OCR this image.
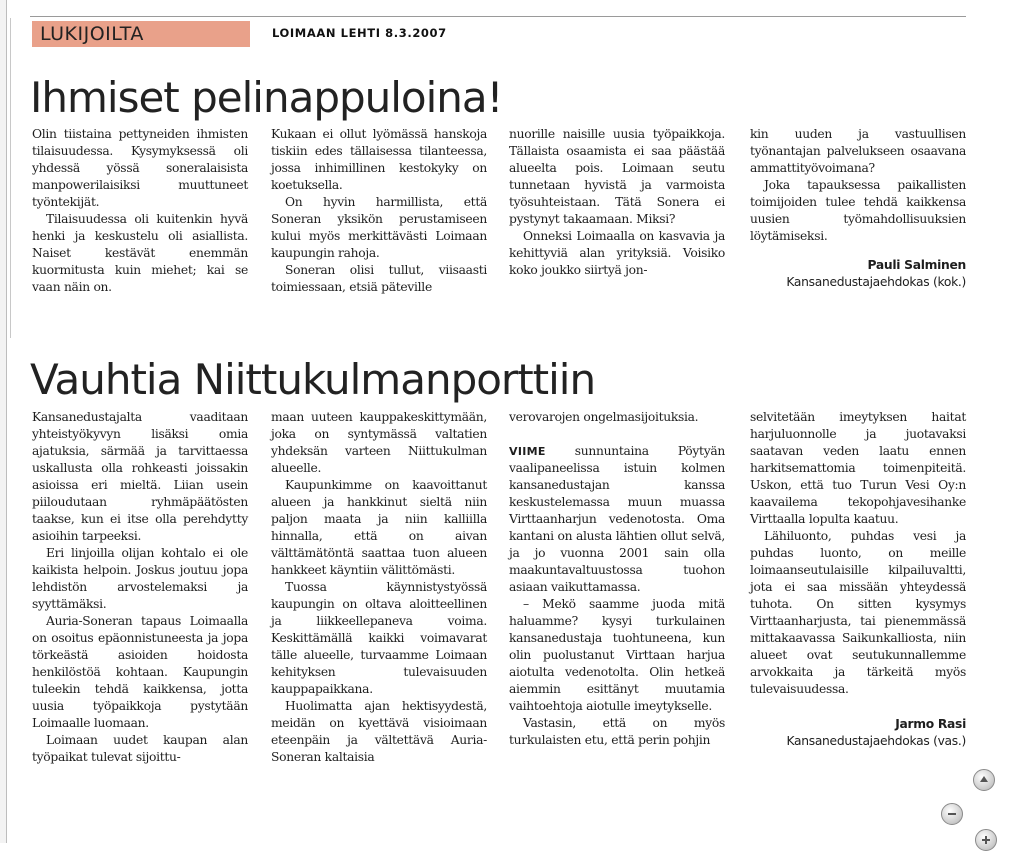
LUKIJOILTA	LOIMAAN LEHTI 8.3.2007
Ihmiset pelinappuloina!

Olin tiistaina pettyneiden ihmisten tilaisuudessa. Kysymyksessä oli yhdessä yössä soneralaisista manpowerilaisiksi muuttuneet työntekijät.

Tilaisuudessa oli kuitenkin hyvä henki ja keskustelu oli asiallista. Naiset kestävät enemmän kuormitusta kuin miehet; kai se vaan näin on.

Kukaan ei ollut lyömässä hanskoja tiskiin edes tällaisessa tilanteessa, jossa inhimillinen kestokyky on koetuksella.

On hyvin harmillista, että Soneran yksikön perustamiseen kului myös merkittävästi Loimaan kaupungin rahoja.

Soneran olisi tullut, viisaasti toimiessaan, etsiä päteville

nuorille naisille uusia työpaikkoja. Tällaista osaamista ei saa päästää alueelta pois. Loimaan seutu tunnetaan hyvistä ja varmoista työsuhteistaan. Tätä Sonera ei pystynyt takaamaan. Miksi?

Onneksi Loimaalla on kasvavia ja kehittyviä alan yrityksiä. Voisiko koko joukko siirtyä jon-

kin uuden ja vastuullisen työnantajan palvelukseen osaavana ammattityövoimana?

Joka tapauksessa paikallisten toimijoiden tulee tehdä kaikkensa uusien työmahdollisuuksien löytämiseksi.

Pauli Salminen

Kansanedustajaehdokas (kok.)

Vauhtia Niittukulmanporttiin

Kansanedustajalta vaaditaan yhteistyökyvyn lisäksi omia ajatuksia, särmää ja tarvittaessa uskallusta olla rohkeasti joissakin asioissa eri mieltä. Liian usein piiloudutaan ryhmäpäätösten taakse, kun ei itse olla perehdytty asioihin tarpeeksi.

Eri linjoilla olijan kohtalo ei ole kaikista helpoin. Joskus joutuu jopa lehdistön arvostelemaksi ja syyttämäksi.

Auria-Soneran tapaus Loimaalla on osoitus epäonnistuneesta ja jopa törkeästä asioiden hoidosta henkilöstöä kohtaan. Kaupungin tuleekin tehdä kaikkensa, jotta uusia työpaikkoja pystytään Loimaalle luomaan.

Loimaan uudet kaupan alan työpaikat tulevat sijoittu-

maan uuteen kauppakeskittymään, joka on syntymässä valtatien yhdeksän varteen Niittukulman alueelle.

Kaupunkimme on kaavoittanut alueen ja hankkinut sieltä niin paljon maata ja niin kalliilla hinnalla, että on aivan välttämätöntä saattaa tuon alueen hankkeet käyntiin välittömästi.

Tuossa käynnistystyössä kaupungin on oltava aloitteellinen ja liikkeellepaneva voima. Keskittämällä kaikki voimavarat tälle alueelle, turvaamme Loimaan kehityksen tulevaisuuden kauppapaikkana.

Huolimatta ajan hektisyydestä, meidän on kyettävä visioimaan eteenpäin ja vältettävä Auria-Soneran kaltaisia

verovarojen ongelmasijoituksia.

VIIME sunnuntaina Pöytyän vaalipaneelissa istuin kolmen kansanedustajan kanssa keskustelemassa muun muassa Virttaanharjun vedenotosta. Oma kantani on alusta lähtien ollut selvä, ja jo vuonna 2001 sain olla maakuntavaltuustossa tuohon asiaan vaikuttamassa.

– Mekö saamme juoda mitä haluamme? kysyi turkulainen kansanedustaja tuohtuneena, kun olin puolustanut Virttaan harjua aiotulta vedenotolta. Olin hetkeä aiemmin esittänyt muutamia vaihtoehtoja aiotulle imeytykselle.

Vastasin, että on myös turkulaisten etu, että perin pohjin

selvitetään imeytyksen haitat harjuluonnolle ja juotavaksi saatavan veden laatu ennen harkitsemattomia toimenpiteitä. Uskon, että tuo Turun Vesi Oy:n kaavailema tekopohjavesihanke Virttaalla lopulta kaatuu.

Lähiluonto, puhdas vesi ja puhdas luonto, on meille loimaanseutulaisille kilpailuvaltti, jota ei saa missään yhteydessä tuhota. On sitten kysymys Virttaanharjusta, tai pienemmässä mittakaavassa Saikunkalliosta, niin alueet ovat seutukunnallemme arvokkaita ja tärkeitä myös tulevaisuudessa.

Jarmo Rasi

Kansanedustajaehdokas (vas.)
